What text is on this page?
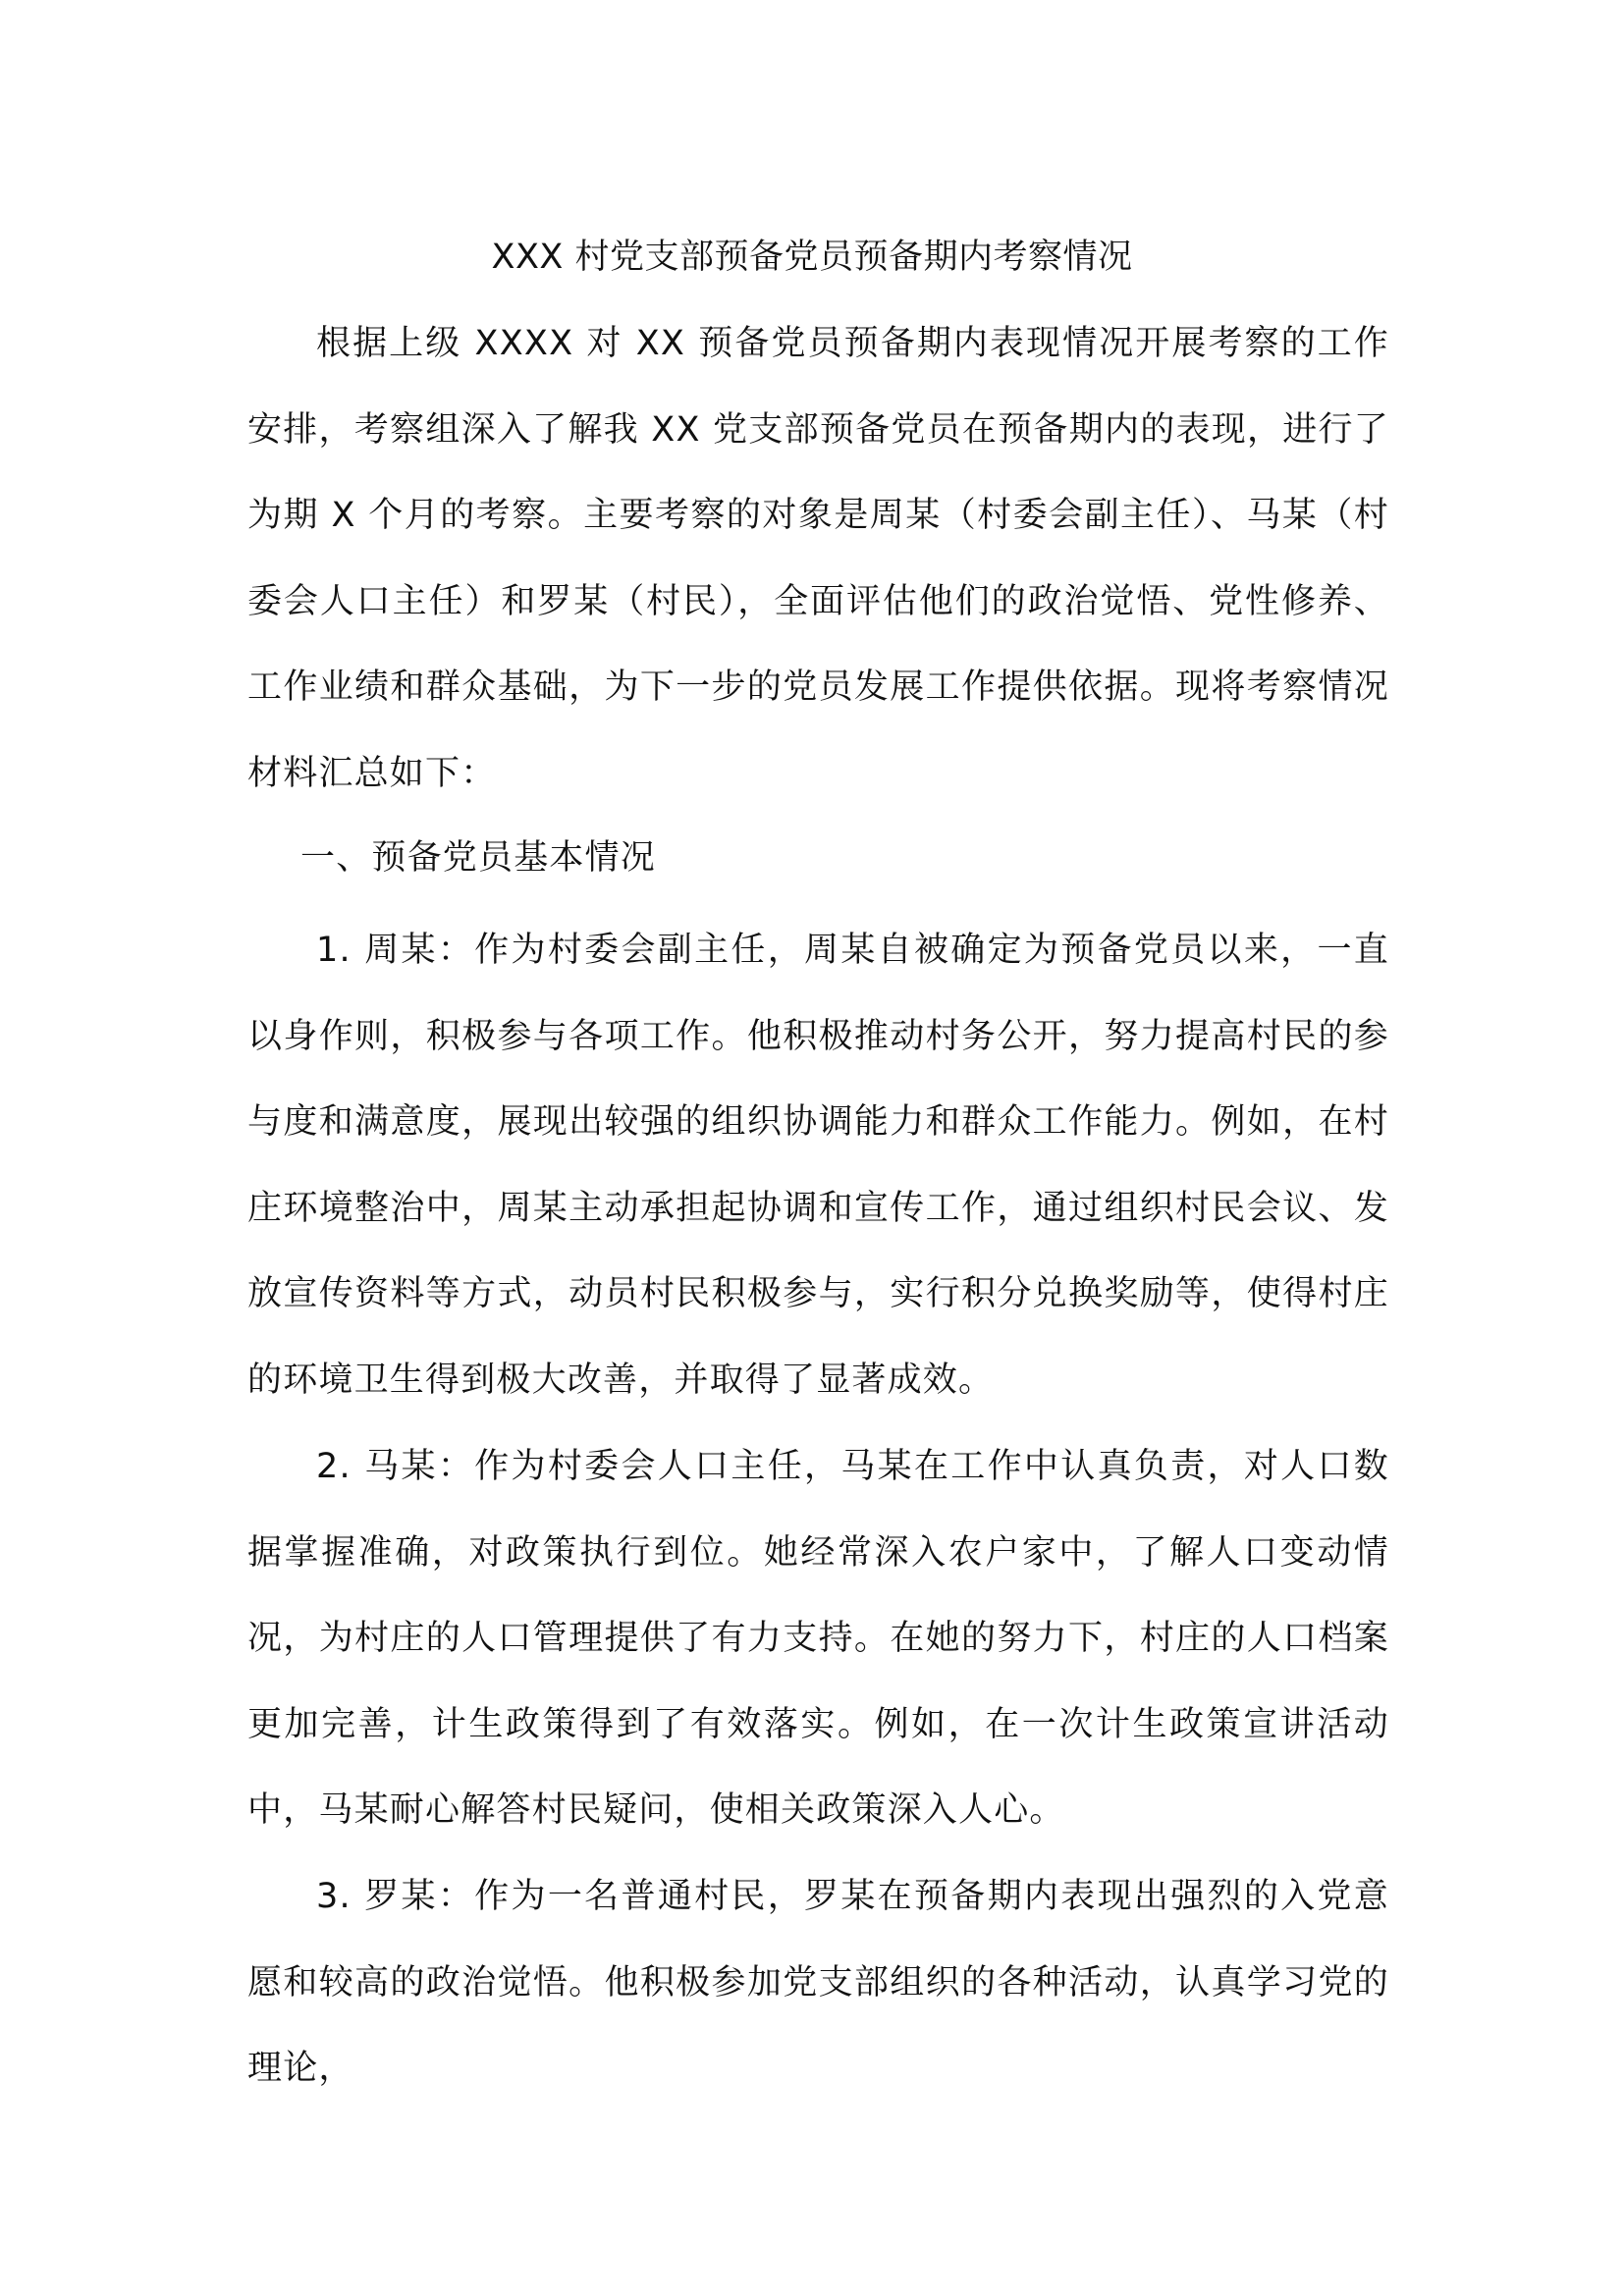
XXX 村党支部预备党员预备期内考察情况

根据上级 XXXX 对 XX 预备党员预备期内表现情况开展考察的工作安排，考察组深入了解我 XX 党支部预备党员在预备期内的表现，进行了为期 X 个月的考察。主要考察的对象是周某（村委会副主任）、马某（村委会人口主任）和罗某（村民），全面评估他们的政治觉悟、党性修养、工作业绩和群众基础，为下一步的党员发展工作提供依据。现将考察情况材料汇总如下：

一、预备党员基本情况

1. 周某：作为村委会副主任，周某自被确定为预备党员以来，一直以身作则，积极参与各项工作。他积极推动村务公开，努力提高村民的参与度和满意度，展现出较强的组织协调能力和群众工作能力。例如，在村庄环境整治中，周某主动承担起协调和宣传工作，通过组织村民会议、发放宣传资料等方式，动员村民积极参与，实行积分兑换奖励等，使得村庄的环境卫生得到极大改善，并取得了显著成效。

2. 马某：作为村委会人口主任，马某在工作中认真负责，对人口数据掌握准确，对政策执行到位。她经常深入农户家中，了解人口变动情况，为村庄的人口管理提供了有力支持。在她的努力下，村庄的人口档案更加完善，计生政策得到了有效落实。例如，在一次计生政策宣讲活动中，马某耐心解答村民疑问，使相关政策深入人心。

3. 罗某：作为一名普通村民，罗某在预备期内表现出强烈的入党意愿和较高的政治觉悟。他积极参加党支部组织的各种活动，认真学习党的理论，
